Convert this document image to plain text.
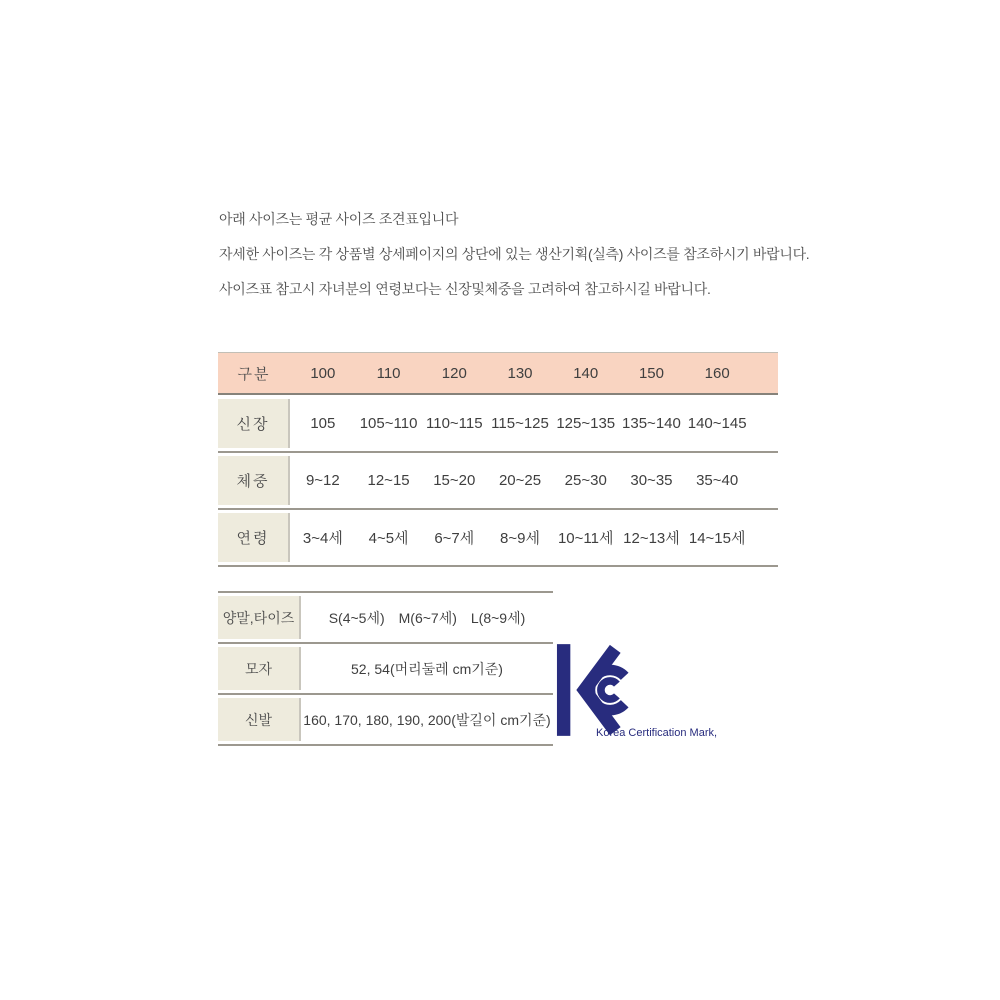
아래 사이즈는 평균 사이즈 조견표입니다

자세한 사이즈는 각 상품별 상세페이지의 상단에 있는 생산기획(실측) 사이즈를 참조하시기 바랍니다.

사이즈표 참고시 자녀분의 연령보다는 신장및체중을 고려하여 참고하시길 바랍니다.

구분	100	110	120	130	140	150	160
신장	105	105~110 110~115 115~125 125~135 135~140 140~145
체중	9~12	12~15	15~20	20~25	25~30	30~35	35~40
연령	3~4세	4~5세	6~7세	8~9세	10~11세 12~13세 14~15세
양말,타이즈	S(4~5세) M(6~7세) L(8~9세)
모자	52, 54(머리둘레 cm기준)
신발	160, 170, 180, 190, 200(발길이 cm기준)
Korea Certification Mark,
